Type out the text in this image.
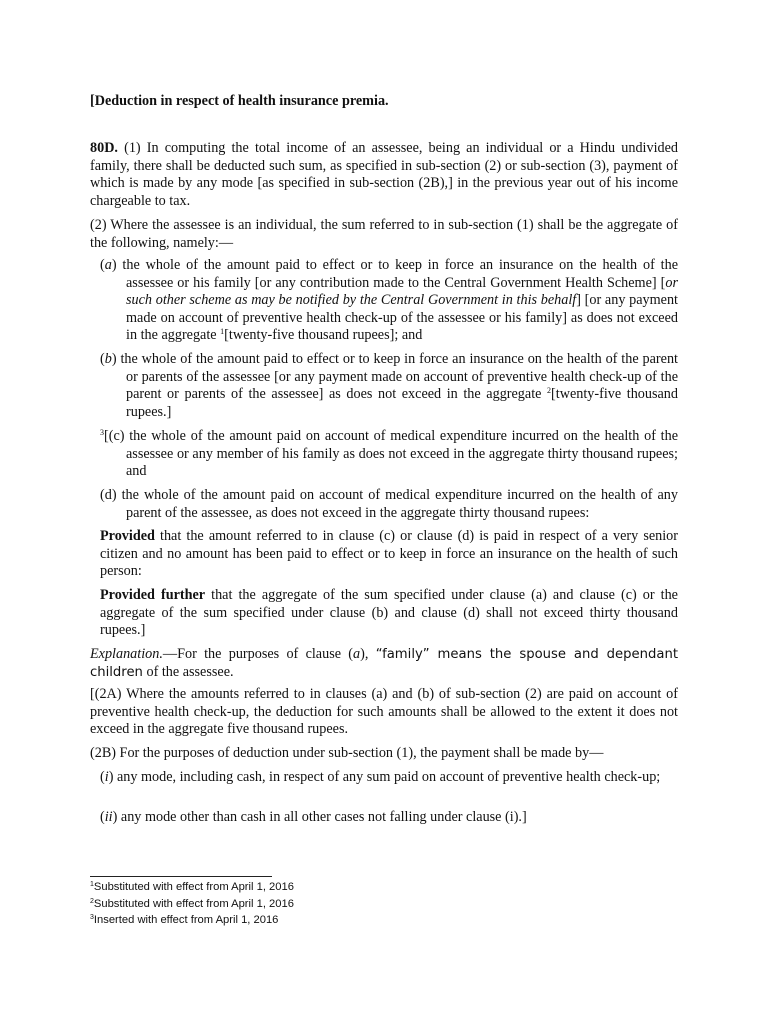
[Deduction in respect of health insurance premia.
80D. (1) In computing the total income of an assessee, being an individual or a Hindu undivided family, there shall be deducted such sum, as specified in sub-section (2) or sub-section (3), payment of which is made by any mode [as specified in sub-section (2B),] in the previous year out of his income chargeable to tax.
(2) Where the assessee is an individual, the sum referred to in sub-section (1) shall be the aggregate of the following, namely:—
(a) the whole of the amount paid to effect or to keep in force an insurance on the health of the assessee or his family [or any contribution made to the Central Government Health Scheme] [or such other scheme as may be notified by the Central Government in this behalf] [or any payment made on account of preventive health check-up of the assessee or his family] as does not exceed in the aggregate $^1$[twenty-five thousand rupees]; and
(b) the whole of the amount paid to effect or to keep in force an insurance on the health of the parent or parents of the assessee [or any payment made on account of preventive health check-up of the parent or parents of the assessee] as does not exceed in the aggregate $^2$[twenty-five thousand rupees.]
$^3$[(c) the whole of the amount paid on account of medical expenditure incurred on the health of the assessee or any member of his family as does not exceed in the aggregate thirty thousand rupees; and
(d) the whole of the amount paid on account of medical expenditure incurred on the health of any parent of the assessee, as does not exceed in the aggregate thirty thousand rupees:
Provided that the amount referred to in clause (c) or clause (d) is paid in respect of a very senior citizen and no amount has been paid to effect or to keep in force an insurance on the health of such person:
Provided further that the aggregate of the sum specified under clause (a) and clause (c) or the aggregate of the sum specified under clause (b) and clause (d) shall not exceed thirty thousand rupees.]
Explanation.—For the purposes of clause (a), “family” means the spouse and dependant children of the assessee.
[(2A) Where the amounts referred to in clauses (a) and (b) of sub-section (2) are paid on account of preventive health check-up, the deduction for such amounts shall be allowed to the extent it does not exceed in the aggregate five thousand rupees.
(2B) For the purposes of deduction under sub-section (1), the payment shall be made by—
(i) any mode, including cash, in respect of any sum paid on account of preventive health check-up;
(ii) any mode other than cash in all other cases not falling under clause (i).]
$^1$Substituted with effect from April 1, 2016
$^2$Substituted with effect from April 1, 2016
$^3$Inserted with effect from April 1, 2016
